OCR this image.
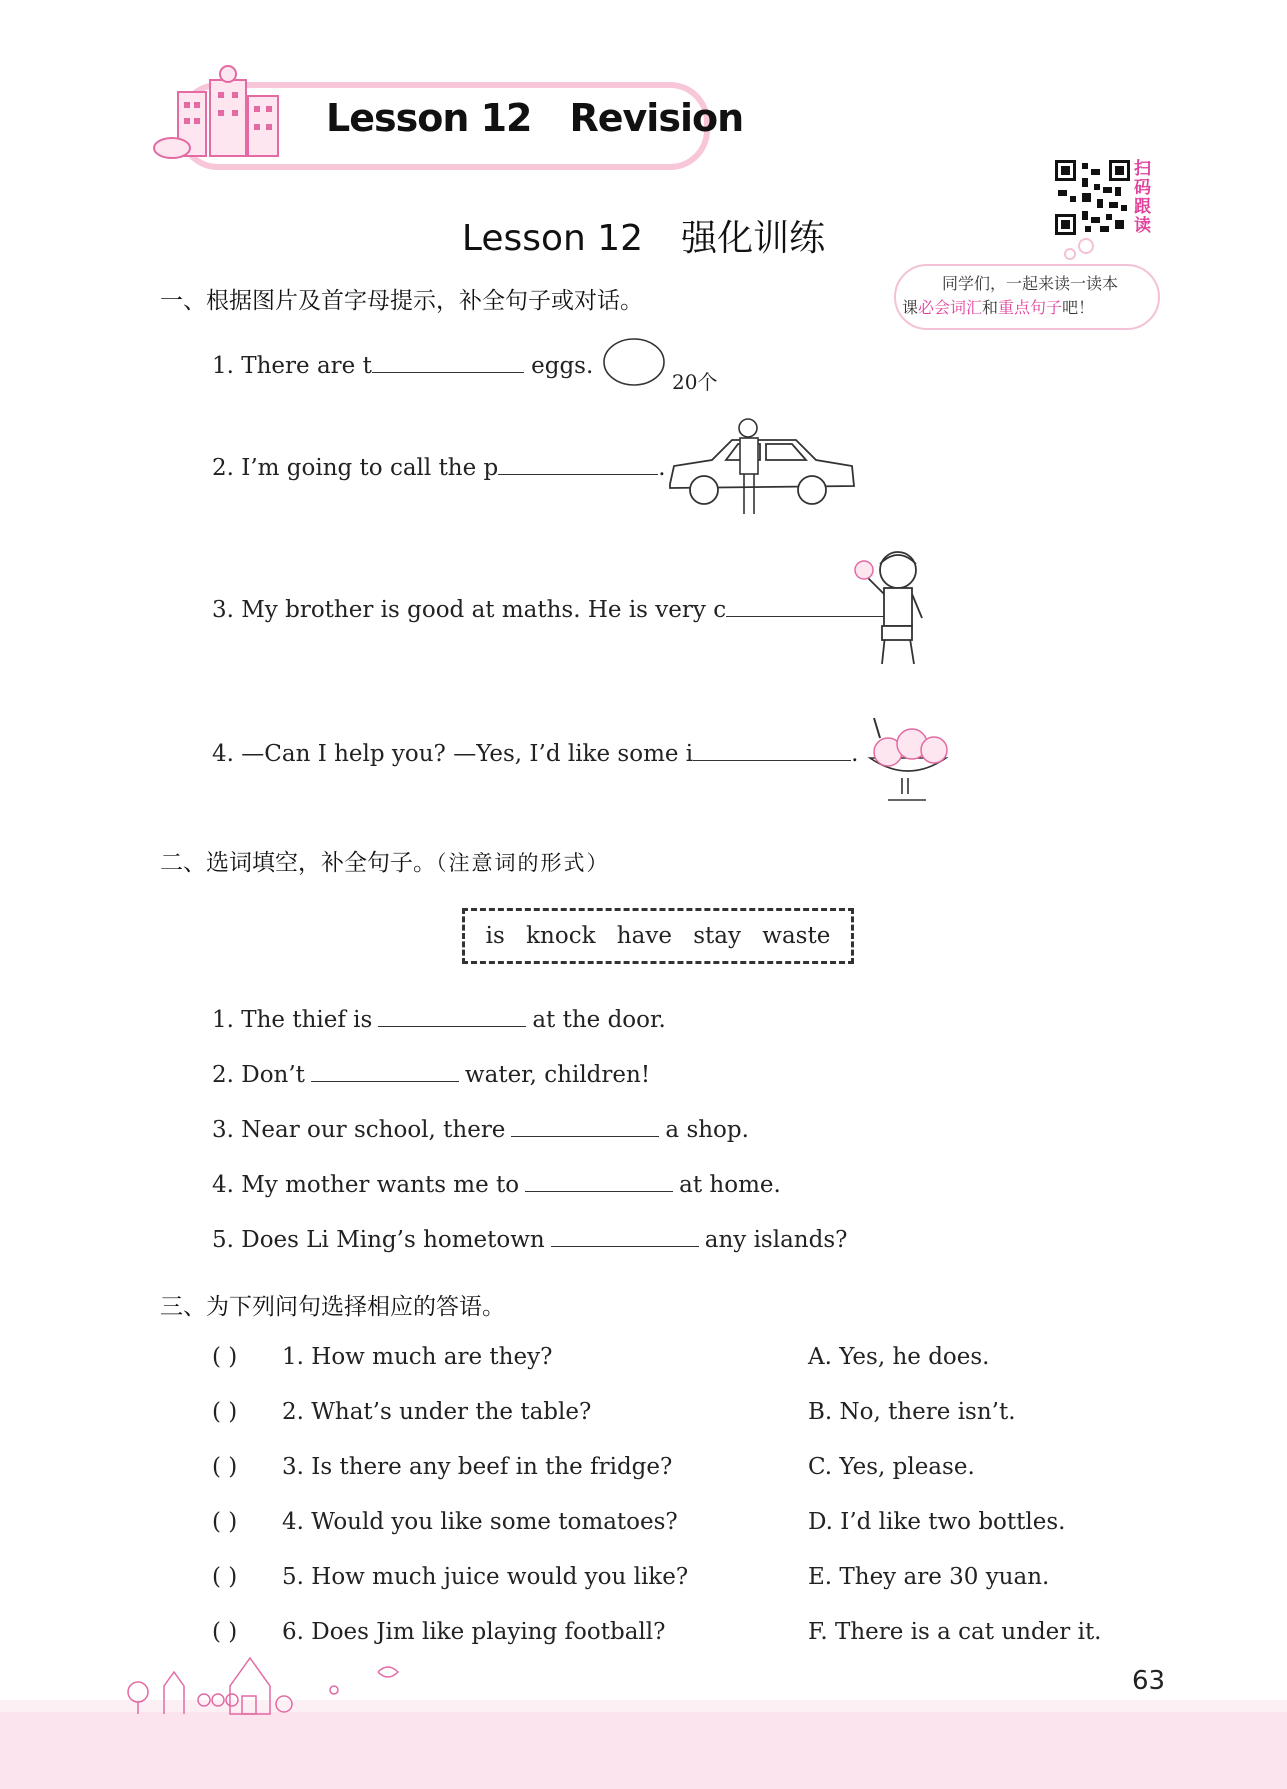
Lesson 12 Revision
Lesson 12 强化训练
扫码跟读
同学们，一起来读一读本
课必会词汇和重点句子吧！
一、根据图片及首字母提示，补全句子或对话。
1. There are t	eggs.
20个
2. I’m going to call the p	.
3. My brother is good at maths. He is very c
4. —Can I help you? —Yes, I’d like some i	.
二、选词填空，补全句子。（注意词的形式）
is knock have stay waste
1. The thief is	at the door.
2. Don’t	water, children!
3. Near our school, there	a shop.
4. My mother wants me to	at home.
5. Does Li Ming’s hometown	any islands?
三、为下列问句选择相应的答语。
( ) 1. How much are they?	A. Yes, he does.
( ) 2. What’s under the table?	B. No, there isn’t.
( ) 3. Is there any beef in the fridge?	C. Yes, please.
( ) 4. Would you like some tomatoes?	D. I’d like two bottles.
( ) 5. How much juice would you like?	E. They are 30 yuan.
( ) 6. Does Jim like playing football?	F. There is a cat under it.
63
